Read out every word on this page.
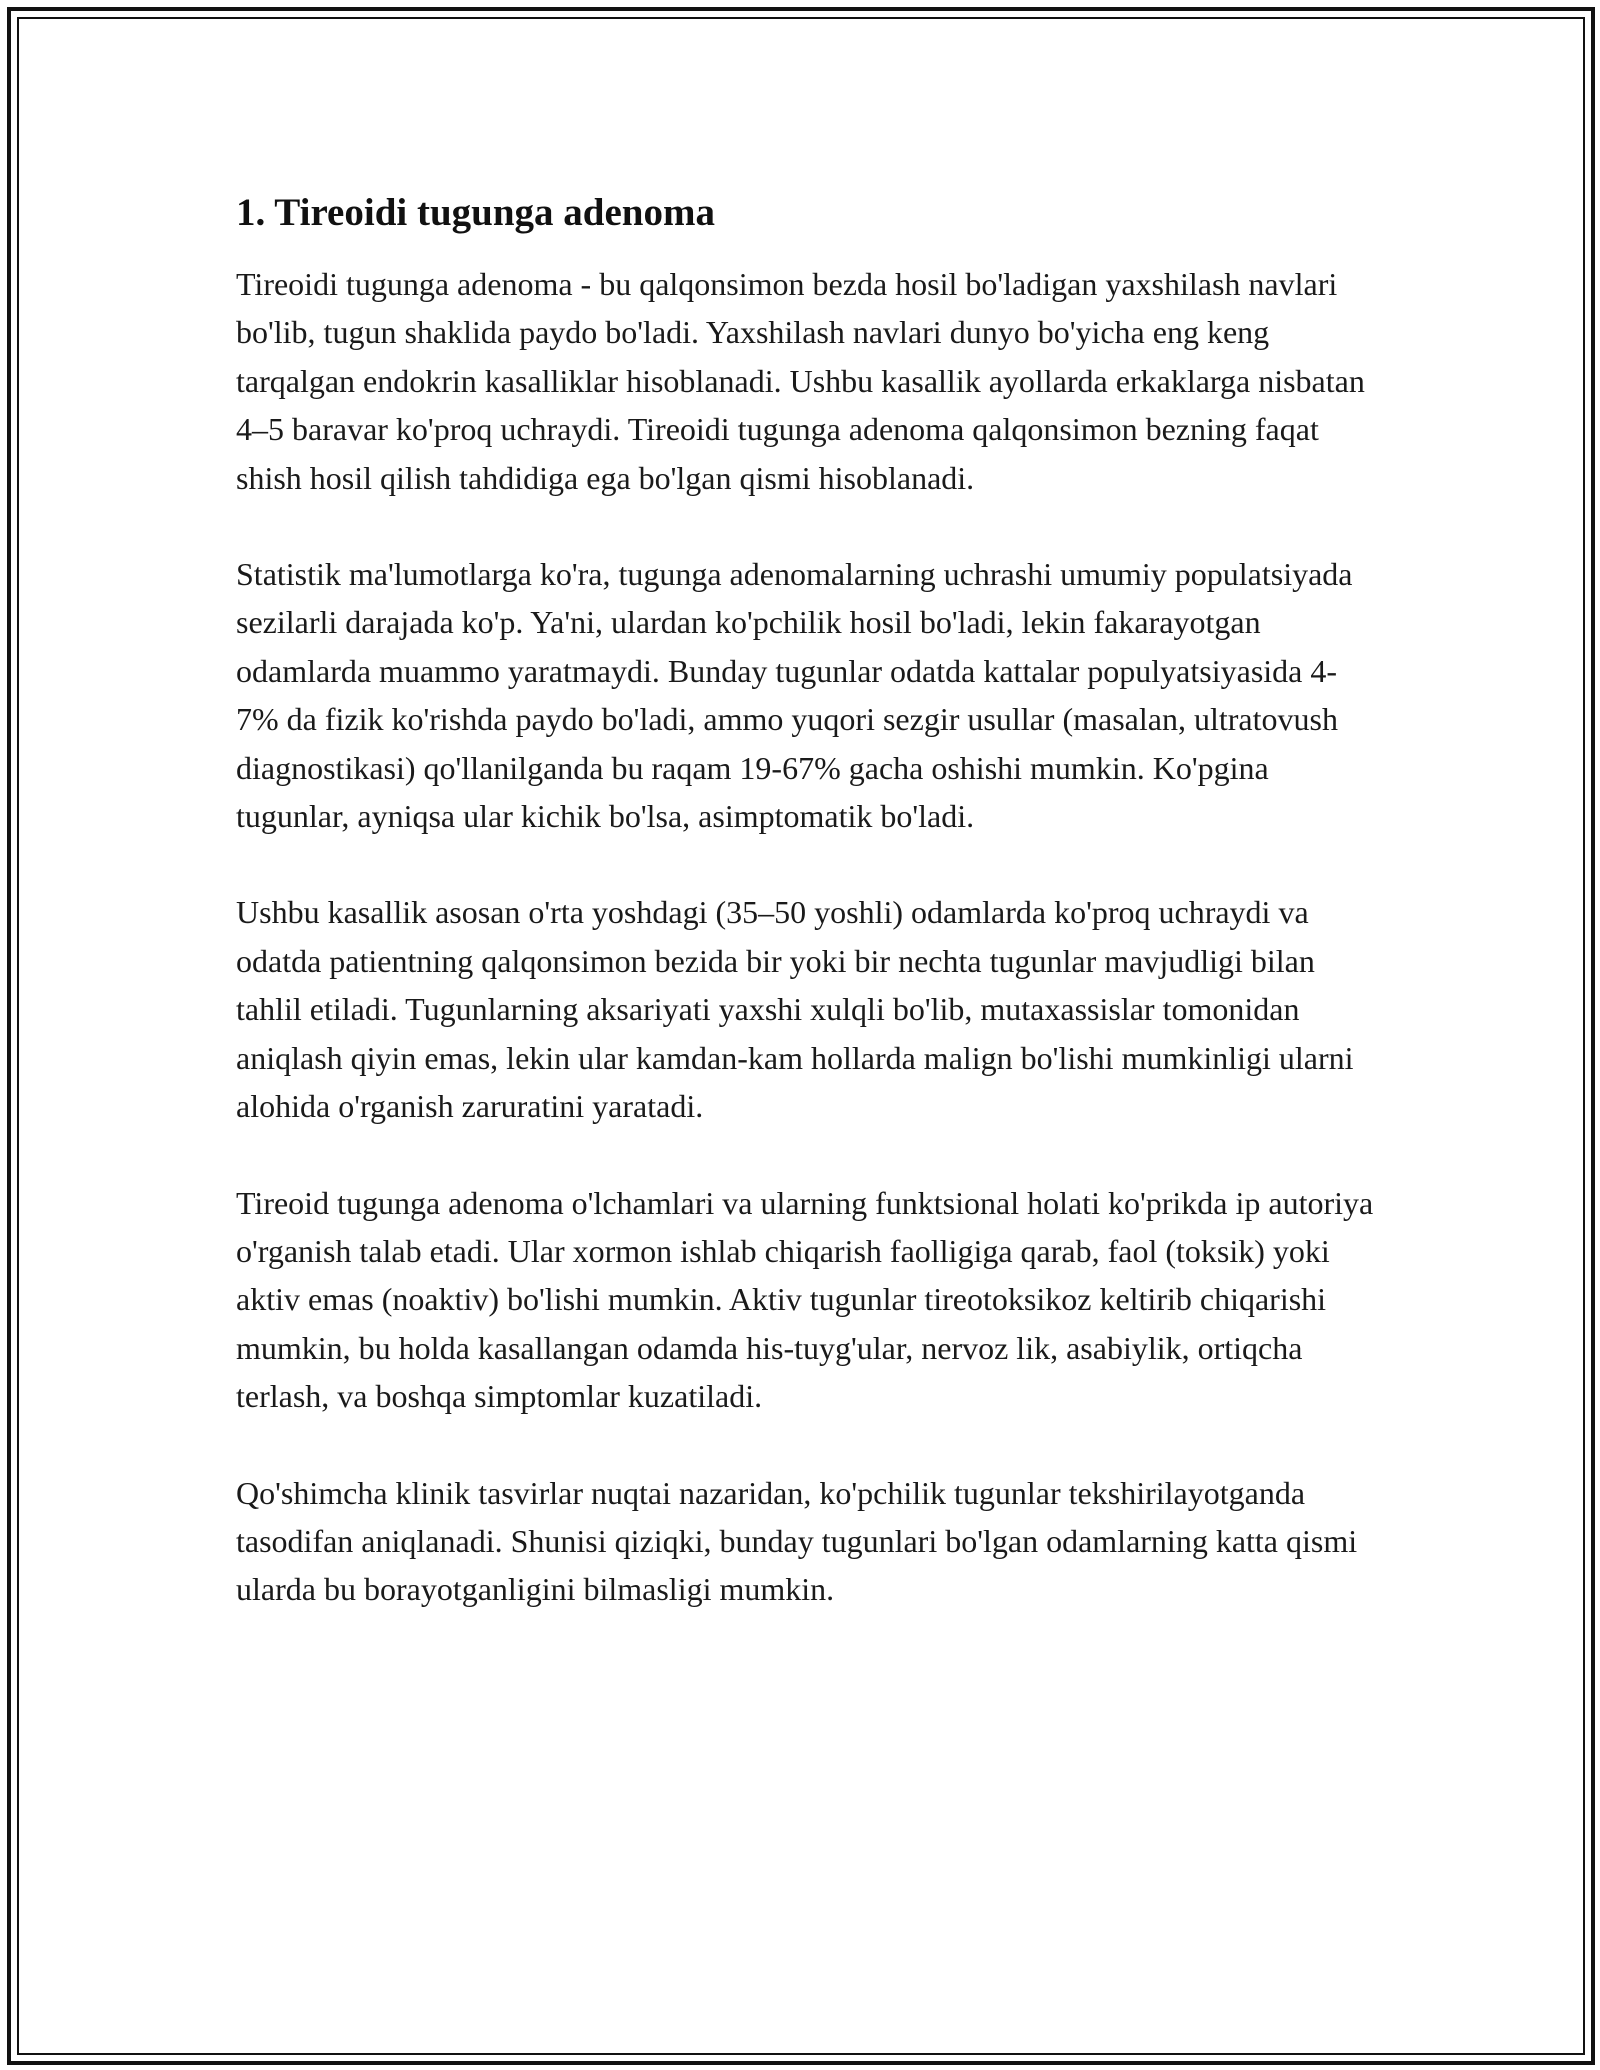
1. Tireoidi tugunga adenoma

Tireoidi tugunga adenoma - bu qalqonsimon bezda hosil bo'ladigan yaxshilash navlari bo'lib, tugun shaklida paydo bo'ladi. Yaxshilash navlari dunyo bo'yicha eng keng tarqalgan endokrin kasalliklar hisoblanadi. Ushbu kasallik ayollarda erkaklarga nisbatan 4–5 baravar ko'proq uchraydi. Tireoidi tugunga adenoma qalqonsimon bezning faqat shish hosil qilish tahdidiga ega bo'lgan qismi hisoblanadi.

Statistik ma'lumotlarga ko'ra, tugunga adenomalarning uchrashi umumiy populatsiyada sezilarli darajada ko'p. Ya'ni, ulardan ko'pchilik hosil bo'ladi, lekin fakarayotgan odamlarda muammo yaratmaydi. Bunday tugunlar odatda kattalar populyatsiyasida 4-7% da fizik ko'rishda paydo bo'ladi, ammo yuqori sezgir usullar (masalan, ultratovush diagnostikasi) qo'llanilganda bu raqam 19-67% gacha oshishi mumkin. Ko'pgina tugunlar, ayniqsa ular kichik bo'lsa, asimptomatik bo'ladi.

Ushbu kasallik asosan o'rta yoshdagi (35–50 yoshli) odamlarda ko'proq uchraydi va odatda patientning qalqonsimon bezida bir yoki bir nechta tugunlar mavjudligi bilan tahlil etiladi. Tugunlarning aksariyati yaxshi xulqli bo'lib, mutaxassislar tomonidan aniqlash qiyin emas, lekin ular kamdan-kam hollarda malign bo'lishi mumkinligi ularni alohida o'rganish zaruratini yaratadi.

Tireoid tugunga adenoma o'lchamlari va ularning funktsional holati ko'prikda ip autoriya o'rganish talab etadi. Ular xormon ishlab chiqarish faolligiga qarab, faol (toksik) yoki aktiv emas (noaktiv) bo'lishi mumkin. Aktiv tugunlar tireotoksikoz keltirib chiqarishi mumkin, bu holda kasallangan odamda his-tuyg'ular, nervoz lik, asabiylik, ortiqcha terlash, va boshqa simptomlar kuzatiladi.

Qo'shimcha klinik tasvirlar nuqtai nazaridan, ko'pchilik tugunlar tekshirilayotganda tasodifan aniqlanadi. Shunisi qiziqki, bunday tugunlari bo'lgan odamlarning katta qismi ularda bu borayotganligini bilmasligi mumkin.
